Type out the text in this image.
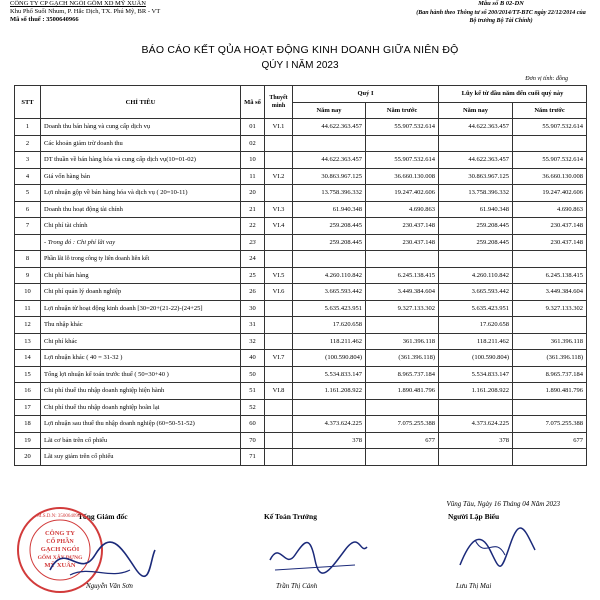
CÔNG TY CP GẠCH NGÓI GỐM XD MỸ XUÂN
Khu Phố Suối Nhum, P. Hắc Dịch, TX. Phú Mỹ, BR - VT
Mã số thuế : 3500640966
Mẫu số B 02-DN
(Ban hành theo Thông tư số 200/2014/TT-BTC ngày 22/12/2014 của Bộ trưởng Bộ Tài Chính)
BÁO CÁO KẾT QỦA HOẠT ĐỘNG KINH DOANH GIỮA NIÊN ĐỘ
QÚY I NĂM 2023
Đơn vị tính: đồng
STT	CHỈ TIÊU	Mã số	Thuyết minh	Quý I		Lũy kế từ đầu năm đến cuối quý này	
				Năm nay	Năm trước	Năm nay	Năm trước
1	Doanh thu bán hàng và cung cấp dịch vụ	01	VI.1	44.622.363.457	55.907.532.614	44.622.363.457	55.907.532.614
2	Các khoản giảm trừ doanh thu	02					
3	DT thuần về bán hàng hóa và cung cấp dịch vụ(10=01-02)	10		44.622.363.457	55.907.532.614	44.622.363.457	55.907.532.614
4	Giá vốn hàng bán	11	VI.2	30.863.967.125	36.660.130.008	30.863.967.125	36.660.130.008
5	Lợi nhuận gộp về bán hàng hóa và dịch vụ ( 20=10-11)	20		13.758.396.332	19.247.402.606	13.758.396.332	19.247.402.606
6	Doanh thu hoạt động tài chính	21	VI.3	61.940.348	4.690.863	61.940.348	4.690.863
7	Chi phí tài chính	22	VI.4	259.208.445	230.437.148	259.208.445	230.437.148
	- Trong đó : Chi phí lãi vay	23		259.208.445	230.437.148	259.208.445	230.437.148
8	Phần lãi lỗ trong công ty liên doanh liên kết	24					
9	Chi phí bán hàng	25	VI.5	4.260.110.842	6.245.138.415	4.260.110.842	6.245.138.415
10	Chi phí quản lý doanh nghiệp	26	VI.6	3.665.593.442	3.449.384.604	3.665.593.442	3.449.384.604
11	Lợi nhuận từ hoạt động kinh doanh [30=20+(21-22)-(24+25]	30		5.635.423.951	9.327.133.302	5.635.423.951	9.327.133.302
12	Thu nhập khác	31		17.620.658		17.620.658	
13	Chi phí khác	32		118.211.462	361.396.118	118.211.462	361.396.118
14	Lợi nhuận khác ( 40 = 31-32 )	40	VI.7	(100.590.804)	(361.396.118)	(100.590.804)	(361.396.118)
15	Tổng lợi nhuận kế toán trước thuế ( 50=30+40 )	50		5.534.833.147	8.965.737.184	5.534.833.147	8.965.737.184
16	Chi phí thuế thu nhập doanh nghiệp hiện hành	51	VI.8	1.161.208.922	1.890.481.796	1.161.208.922	1.890.481.796
17	Chi phí thuế thu nhập doanh nghiệp hoãn lại	52					
18	Lợi nhuận sau thuế thu nhập doanh nghiệp (60=50-51-52)	60		4.373.624.225	7.075.255.388	4.373.624.225	7.075.255.388
19	Lãi cơ bản trên cổ phiếu	70		378	677	378	677
20	Lãi suy giảm trên cổ phiếu	71					
Vũng Tàu, Ngày 16 Tháng 04 Năm 2023
Tổng Giám đốc	Kế Toán Trưởng	Người Lập Biểu
CÔNG TY
CỔ PHẦN
GẠCH NGÓI
GỐM XÂY DỰNG
MỸ XUÂN
M.S.D.N: 3500640966
Nguyễn Văn Sơn	Trần Thị Cảnh	Lưu Thị Mai
